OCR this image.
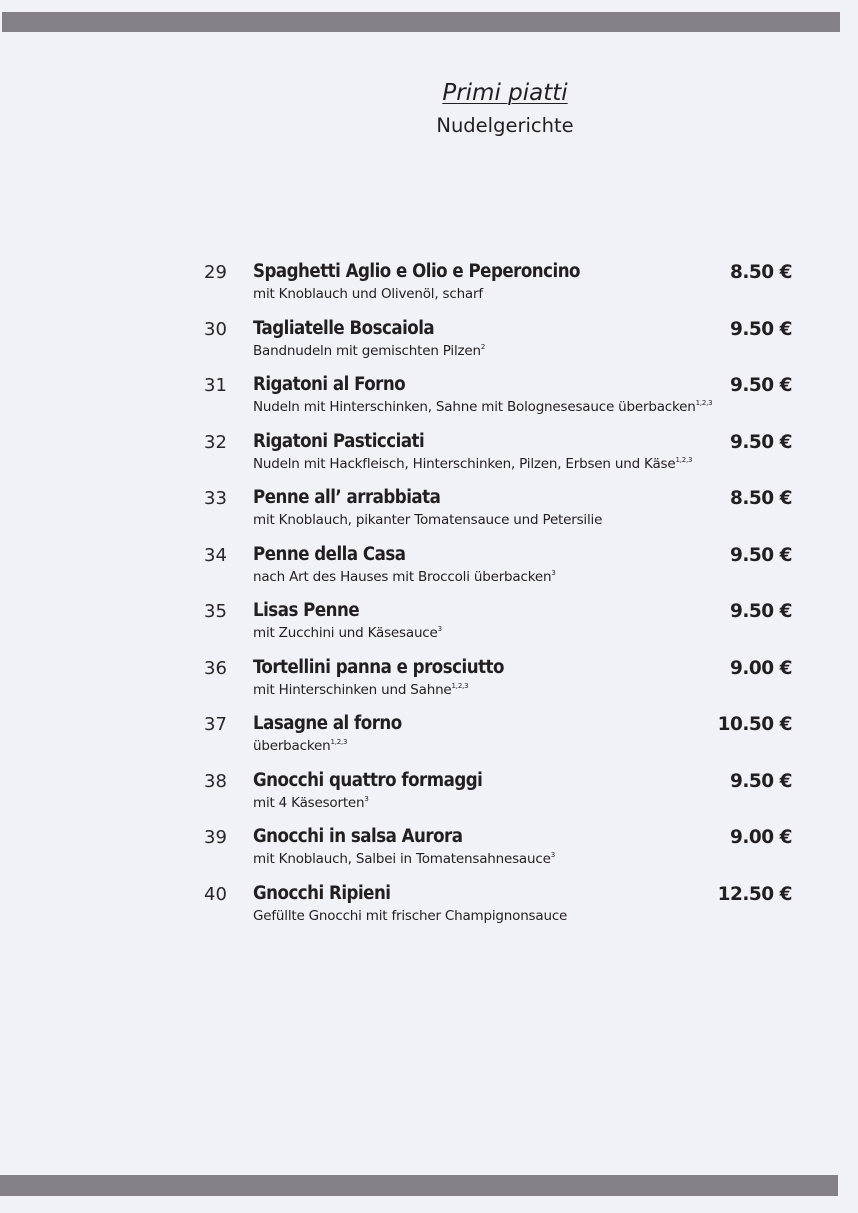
Primi piatti
Nudelgerichte
29 Spaghetti Aglio e Olio e Peperoncino
mit Knoblauch und Olivenöl, scharf
8.50 €
30 Tagliatelle Boscaiola
Bandnudeln mit gemischten Pilzen$^2$
9.50 €
31 Rigatoni al Forno
Nudeln mit Hinterschinken, Sahne mit Bolognesesauce überbacken$^{1,2,3}$
9.50 €
32 Rigatoni Pasticciati
Nudeln mit Hackfleisch, Hinterschinken, Pilzen, Erbsen und Käse$^{1,2,3}$
9.50 €
33 Penne all’ arrabbiata
mit Knoblauch, pikanter Tomatensauce und Petersilie
8.50 €
34 Penne della Casa
nach Art des Hauses mit Broccoli überbacken$^3$
9.50 €
35 Lisas Penne
mit Zucchini und Käsesauce$^3$
9.50 €
36 Tortellini panna e prosciutto
mit Hinterschinken und Sahne$^{1,2,3}$
9.00 €
37 Lasagne al forno
überbacken$^{1,2,3}$
10.50 €
38 Gnocchi quattro formaggi
mit 4 Käsesorten$^3$
9.50 €
39 Gnocchi in salsa Aurora
mit Knoblauch, Salbei in Tomatensahnesauce$^3$
9.00 €
40 Gnocchi Ripieni
Gefüllte Gnocchi mit frischer Champignonsauce
12.50 €
